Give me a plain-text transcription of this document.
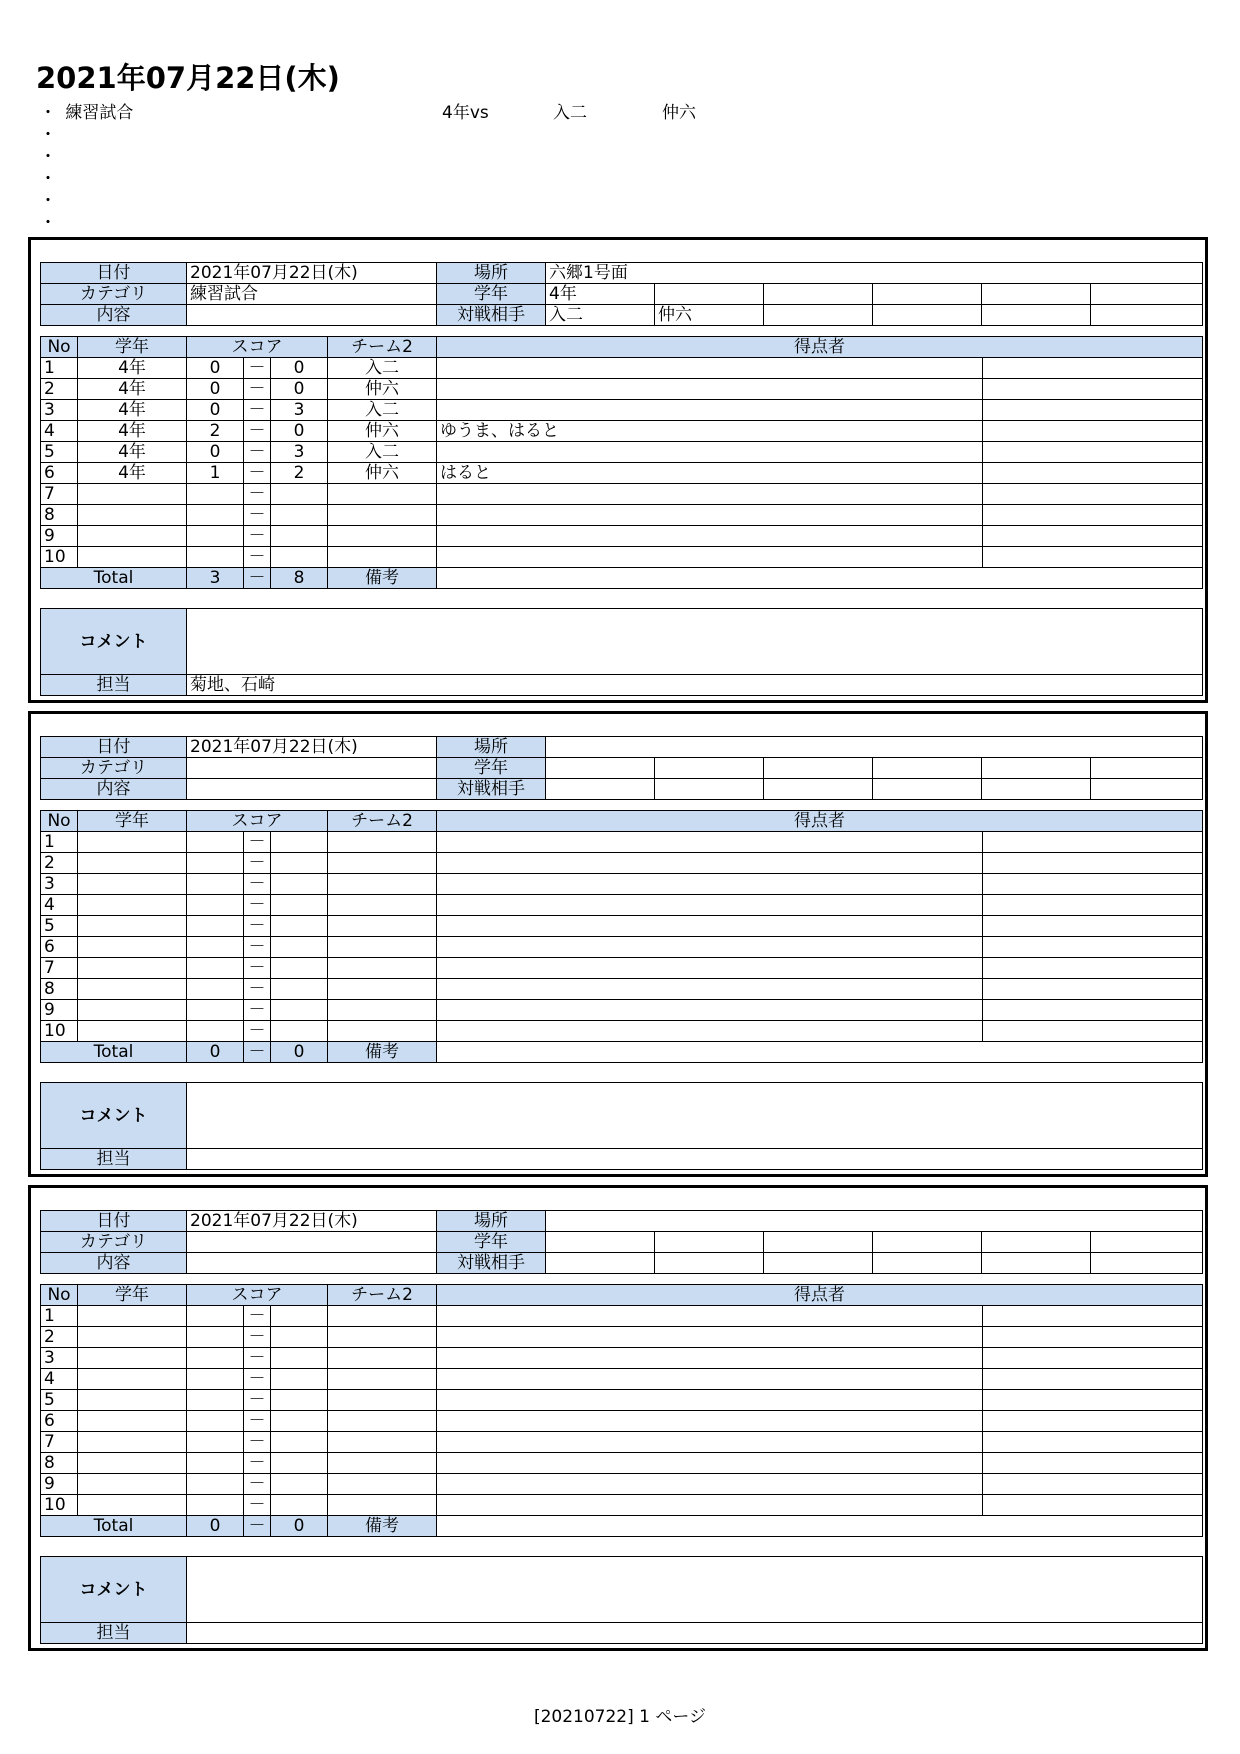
2021年07月22日(木)
・ 練習試合
・
・
・
・
・
4年vs	入二	仲六
日付	2021年07月22日(木)	場所	六郷1号面					
カテゴリ	練習試合	学年	4年					
内容		対戦相手	入二	仲六				
No	学年	スコア			チーム2	得点者	
1	4年	0	－	0	入二		
2	4年	0	－	0	仲六		
3	4年	0	－	3	入二		
4	4年	2	－	0	仲六	ゆうま、はると	
5	4年	0	－	3	入二		
6	4年	1	－	2	仲六	はると	
7			－				
8			－				
9			－				
10			－				
Total		3	－	8	備考		
コメント	
担当	菊地、石崎
日付	2021年07月22日(木)	場所						
カテゴリ		学年						
内容		対戦相手						
No	学年	スコア			チーム2	得点者	
1			－				
2			－				
3			－				
4			－				
5			－				
6			－				
7			－				
8			－				
9			－				
10			－				
Total		0	－	0	備考		
コメント	
担当	
日付	2021年07月22日(木)	場所						
カテゴリ		学年						
内容		対戦相手						
No	学年	スコア			チーム2	得点者	
1			－				
2			－				
3			－				
4			－				
5			－				
6			－				
7			－				
8			－				
9			－				
10			－				
Total		0	－	0	備考		
コメント	
担当	
[20210722] 1 ページ
